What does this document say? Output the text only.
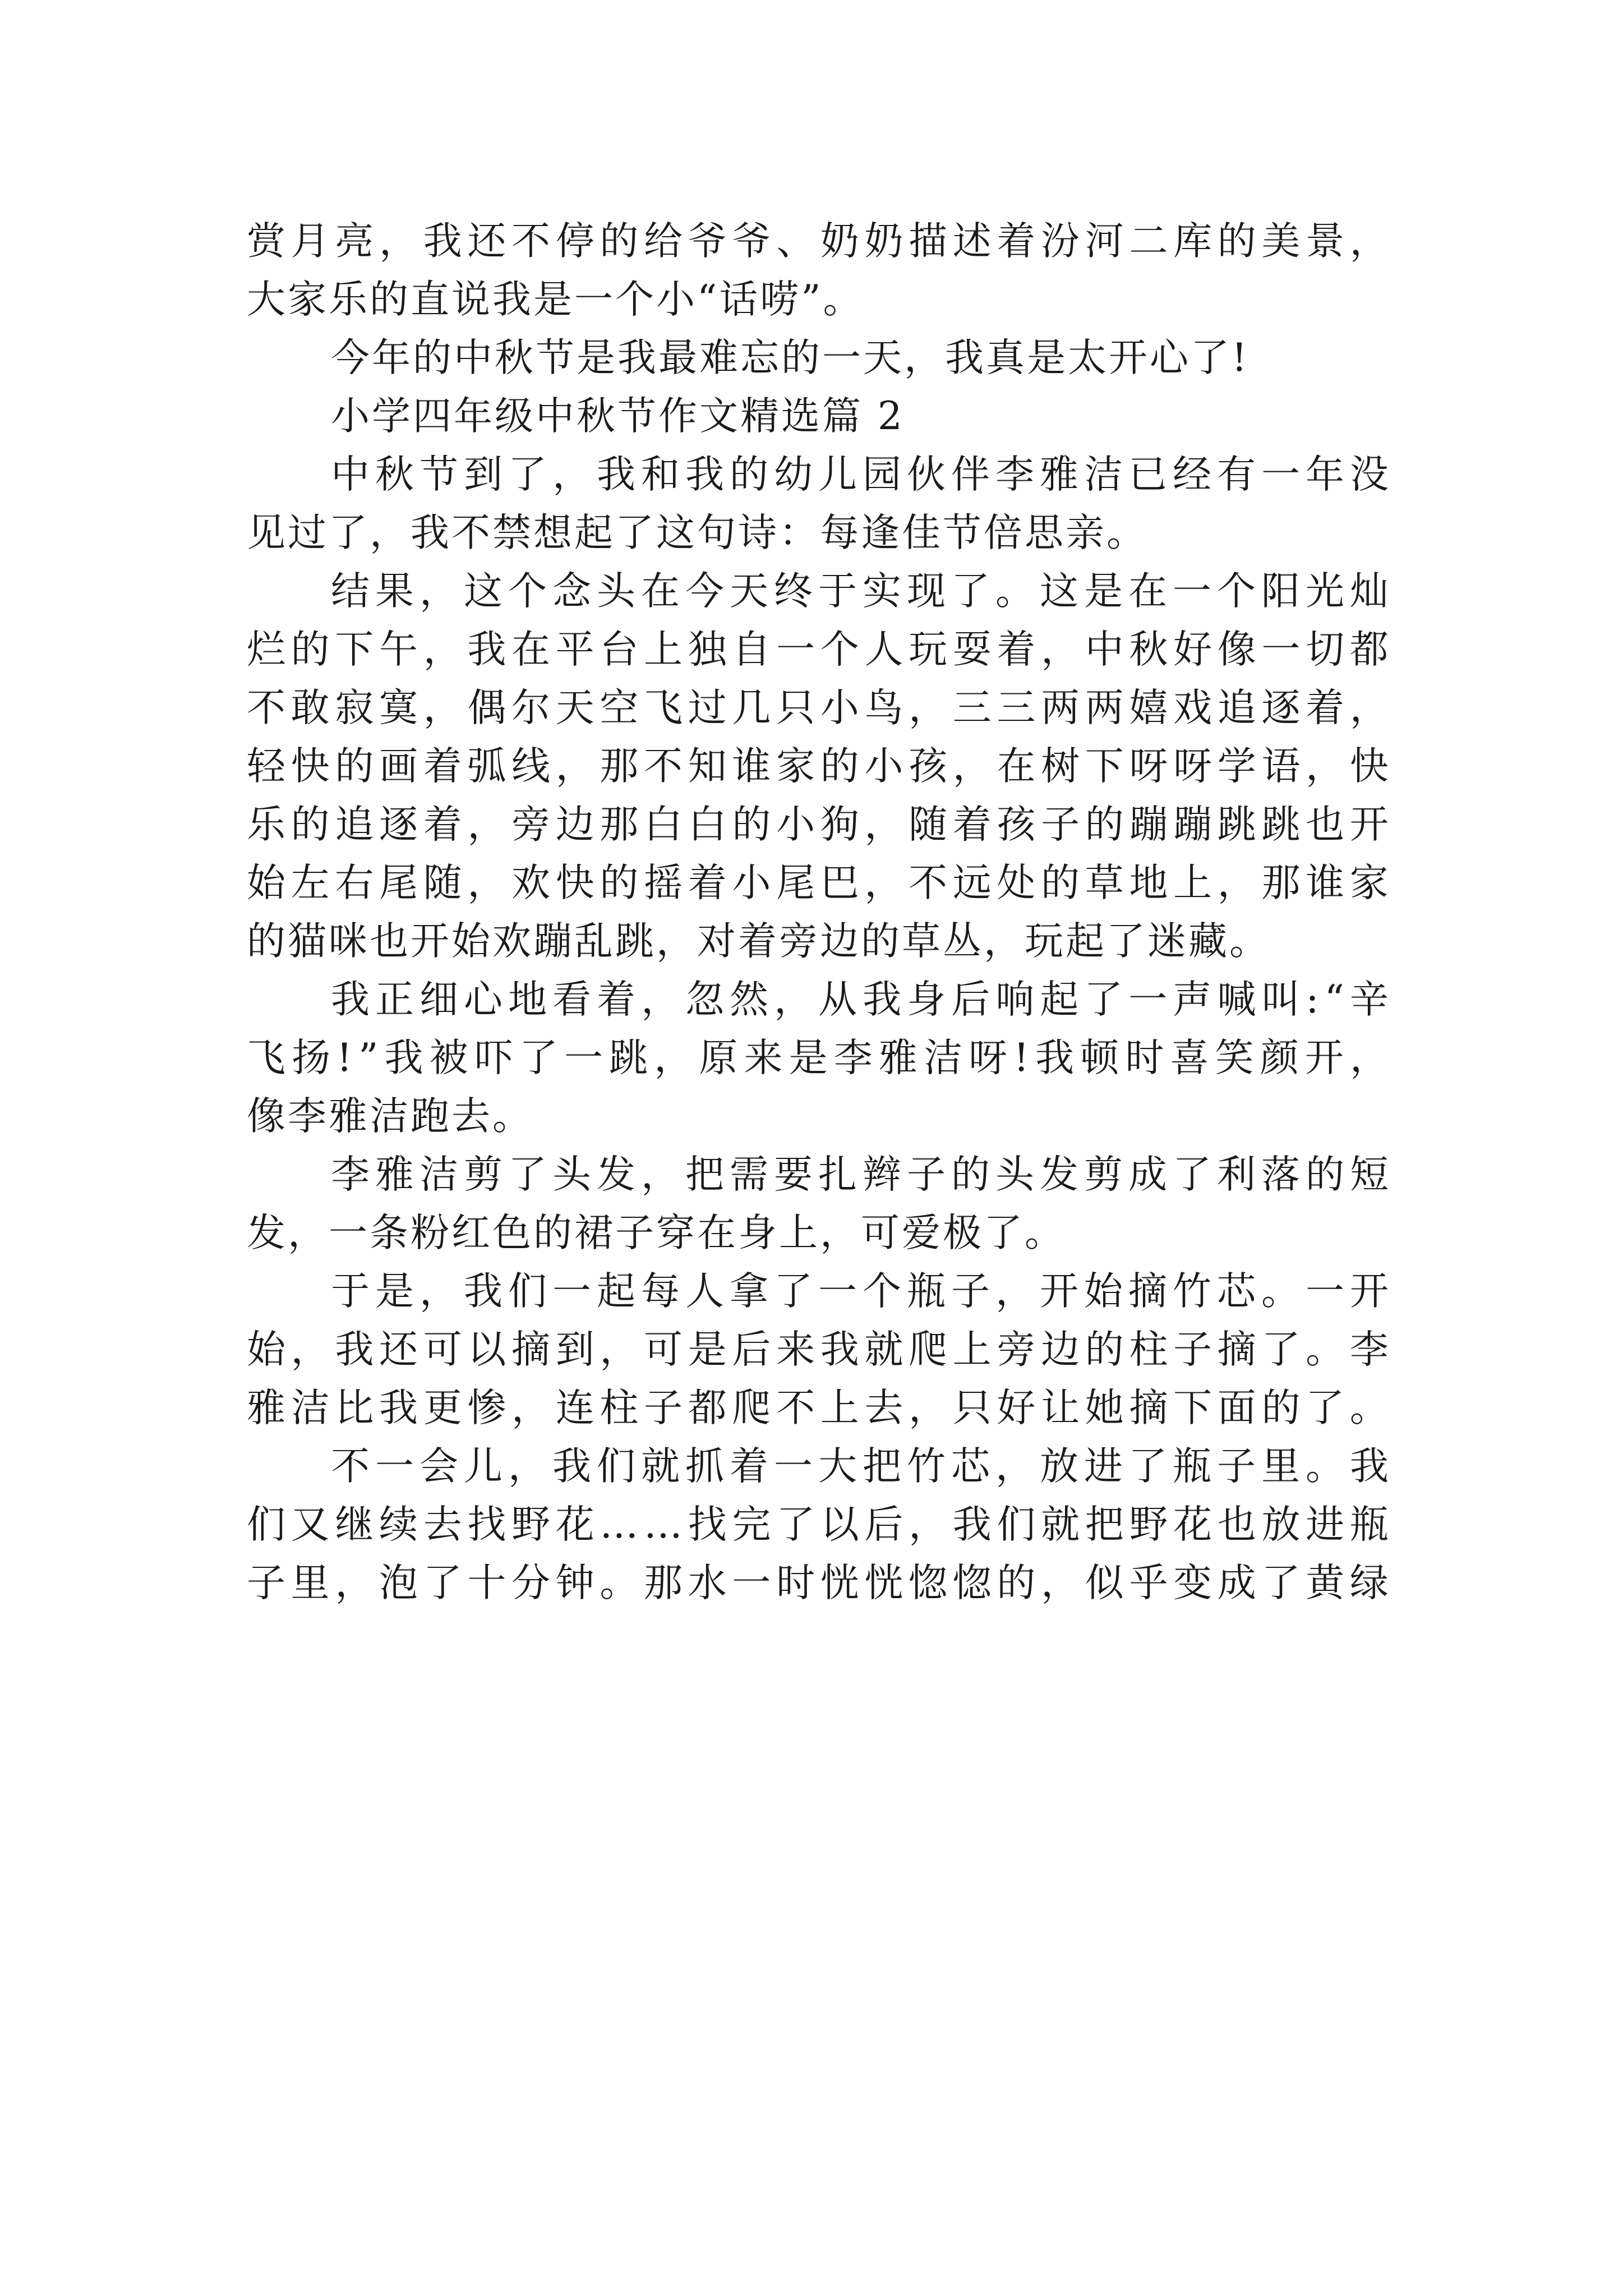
赏 月 亮 ， 我 还 不 停 的 给 爷 爷 、 奶 奶 描 述 着 汾 河 二 库 的 美 景 ，
大家乐的直说我是一个小“话唠”。
今年的中秋节是我最难忘的一天，我真是太开心了!
小学四年级中秋节作文精选篇 2
中 秋 节 到 了 ， 我 和 我 的 幼 儿 园 伙 伴 李 雅 洁 已 经 有 一 年 没
见过了，我不禁想起了这句诗：每逢佳节倍思亲。
结 果 ， 这 个 念 头 在 今 天 终 于 实 现 了 。 这 是 在 一 个 阳 光 灿
烂 的 下 午 ， 我 在 平 台 上 独 自 一 个 人 玩 耍 着 ， 中 秋 好 像 一 切 都
不 敢 寂 寞 ， 偶 尔 天 空 飞 过 几 只 小 鸟 ， 三 三 两 两 嬉 戏 追 逐 着 ，
轻 快 的 画 着 弧 线 ， 那 不 知 谁 家 的 小 孩 ， 在 树 下 呀 呀 学 语 ， 快
乐 的 追 逐 着 ， 旁 边 那 白 白 的 小 狗 ， 随 着 孩 子 的 蹦 蹦 跳 跳 也 开
始 左 右 尾 随 ， 欢 快 的 摇 着 小 尾 巴 ， 不 远 处 的 草 地 上 ， 那 谁 家
的猫咪也开始欢蹦乱跳，对着旁边的草丛，玩起了迷藏。
我 正 细 心 地 看 着 ， 忽 然 ， 从 我 身 后 响 起 了 一 声 喊 叫 : “ 辛
飞 扬 ! ” 我 被 吓 了 一 跳 ， 原 来 是 李 雅 洁 呀 ! 我 顿 时 喜 笑 颜 开 ，
像李雅洁跑去。
李 雅 洁 剪 了 头 发 ， 把 需 要 扎 辫 子 的 头 发 剪 成 了 利 落 的 短
发，一条粉红色的裙子穿在身上，可爱极了。
于 是 ， 我 们 一 起 每 人 拿 了 一 个 瓶 子 ， 开 始 摘 竹 芯 。 一 开
始 ， 我 还 可 以 摘 到 ， 可 是 后 来 我 就 爬 上 旁 边 的 柱 子 摘 了 。 李
雅 洁 比 我 更 惨 ， 连 柱 子 都 爬 不 上 去 ， 只 好 让 她 摘 下 面 的 了 。
不 一 会 儿 ， 我 们 就 抓 着 一 大 把 竹 芯 ， 放 进 了 瓶 子 里 。 我
们 又 继 续 去 找 野 花 … … 找 完 了 以 后 ， 我 们 就 把 野 花 也 放 进 瓶
子 里 ， 泡 了 十 分 钟 。 那 水 一 时 恍 恍 惚 惚 的 ， 似 乎 变 成 了 黄 绿
